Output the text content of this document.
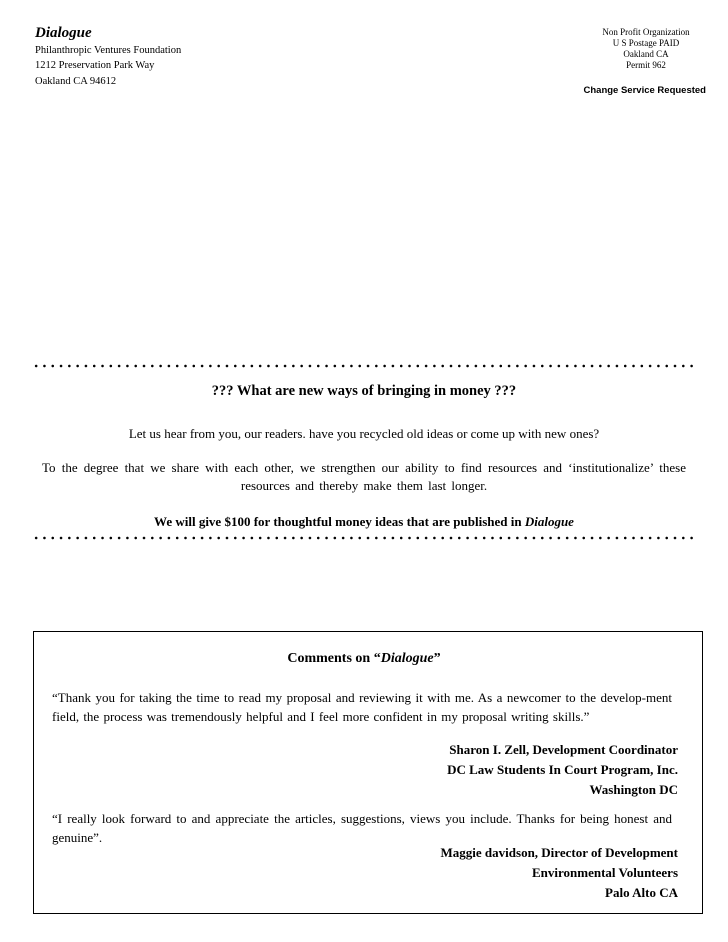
Dialogue
Philanthropic Ventures Foundation
1212 Preservation Park Way
Oakland CA 94612
Non Profit Organization
U S Postage PAID
Oakland CA
Permit 962
Change Service Requested
??? What are new ways of bringing in money ???
Let us hear from you, our readers. have you recycled old ideas or come up with new ones?
To the degree that we share with each other, we strengthen our ability to find resources and ‘institutionalize’ these resources and thereby make them last longer.
We will give $100 for thoughtful money ideas that are published in Dialogue
Comments on “Dialogue”
“Thank you for taking the time to read my proposal and reviewing it with me. As a newcomer to the develop-ment field, the process was tremendously helpful and I feel more confident in my proposal writing skills.”
Sharon I. Zell, Development Coordinator
DC Law Students In Court Program, Inc.
Washington DC
“I really look forward to and appreciate the articles, suggestions, views you include. Thanks for being honest and genuine”.
Maggie davidson, Director of Development
Environmental Volunteers
Palo Alto CA
